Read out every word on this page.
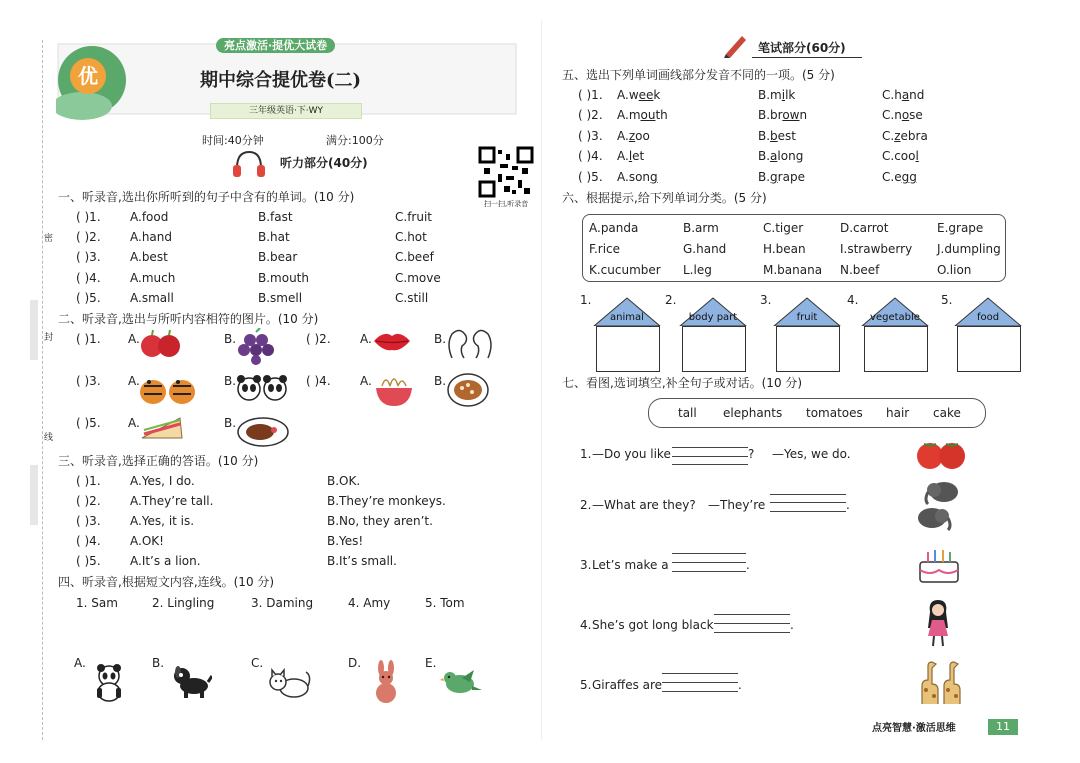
密
封
线
优
亮点激活·提优大试卷
期中综合提优卷(二)
三年级英语·下·WY
时间:40分钟	满分:100分
听力部分(40分)
扫一扫,听录音
一、听录音,选出你所听到的句子中含有的单词。(10 分)
( )1. A.food	B.fast	C.fruit
( )2. A.hand	B.hat	C.hot
( )3. A.best	B.bear	C.beef
( )4. A.much	B.mouth	C.move
( )5. A.small	B.smell	C.still
二、听录音,选出与所听内容相符的图片。(10 分)
( )1. A.	B.	( )2. A.	B.
( )3. A.	B.	( )4. A.	B.
( )5. A.	B.
三、听录音,选择正确的答语。(10 分)
( )1. A.Yes, I do.	B.OK.
( )2. A.They’re tall.	B.They’re monkeys.
( )3. A.Yes, it is.	B.No, they aren’t.
( )4. A.OK!	B.Yes!
( )5. A.It’s a lion.	B.It’s small.
四、听录音,根据短文内容,连线。(10 分)
1. Sam	2. Lingling	3. Daming	4. Amy	5. Tom
A.	B.	C.	D.	E.
笔试部分(60分)
五、选出下列单词画线部分发音不同的一项。(5 分)
( )1. A.week	B.milk	C.hand
( )2. A.mouth	B.brown	C.nose
( )3. A.zoo	B.best	C.zebra
( )4. A.let	B.along	C.cool
( )5. A.song	B.grape	C.egg
六、根据提示,给下列单词分类。(5 分)
A.panda	B.arm	C.tiger	D.carrot	E.grape
F.rice	G.hand	H.bean	I.strawberry J.dumpling
K.cucumber L.leg	M.banana N.beef	O.lion
1.
animal
2.
body part
3.
fruit
4.
vegetable
5.
food
七、看图,选词填空,补全句子或对话。(10 分)
tall elephants tomatoes hair cake
1. —Do you like	? —Yes, we do.
2. —What are they? —They’re	.
3. Let’s make a	.
4. She’s got long black	.
5. Giraffes are	.
点亮智慧·激活思维	11
